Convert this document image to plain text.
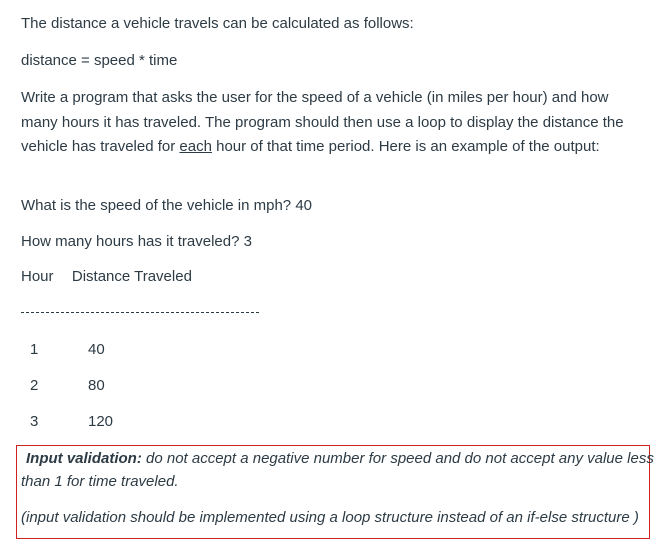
The distance a vehicle travels can be calculated as follows:

distance = speed * time

Write a program that asks the user for the speed of a vehicle (in miles per hour) and how many hours it has traveled. The program should then use a loop to display the distance the vehicle has traveled for each hour of that time period. Here is an example of the output:

What is the speed of the vehicle in mph? 40

How many hours has it traveled? 3

Hour Distance Traveled
1	40
2	80
3	120

Input validation: do not accept a negative number for speed and do not accept any value less

than 1 for time traveled.

(input validation should be implemented using a loop structure instead of an if-else structure )
